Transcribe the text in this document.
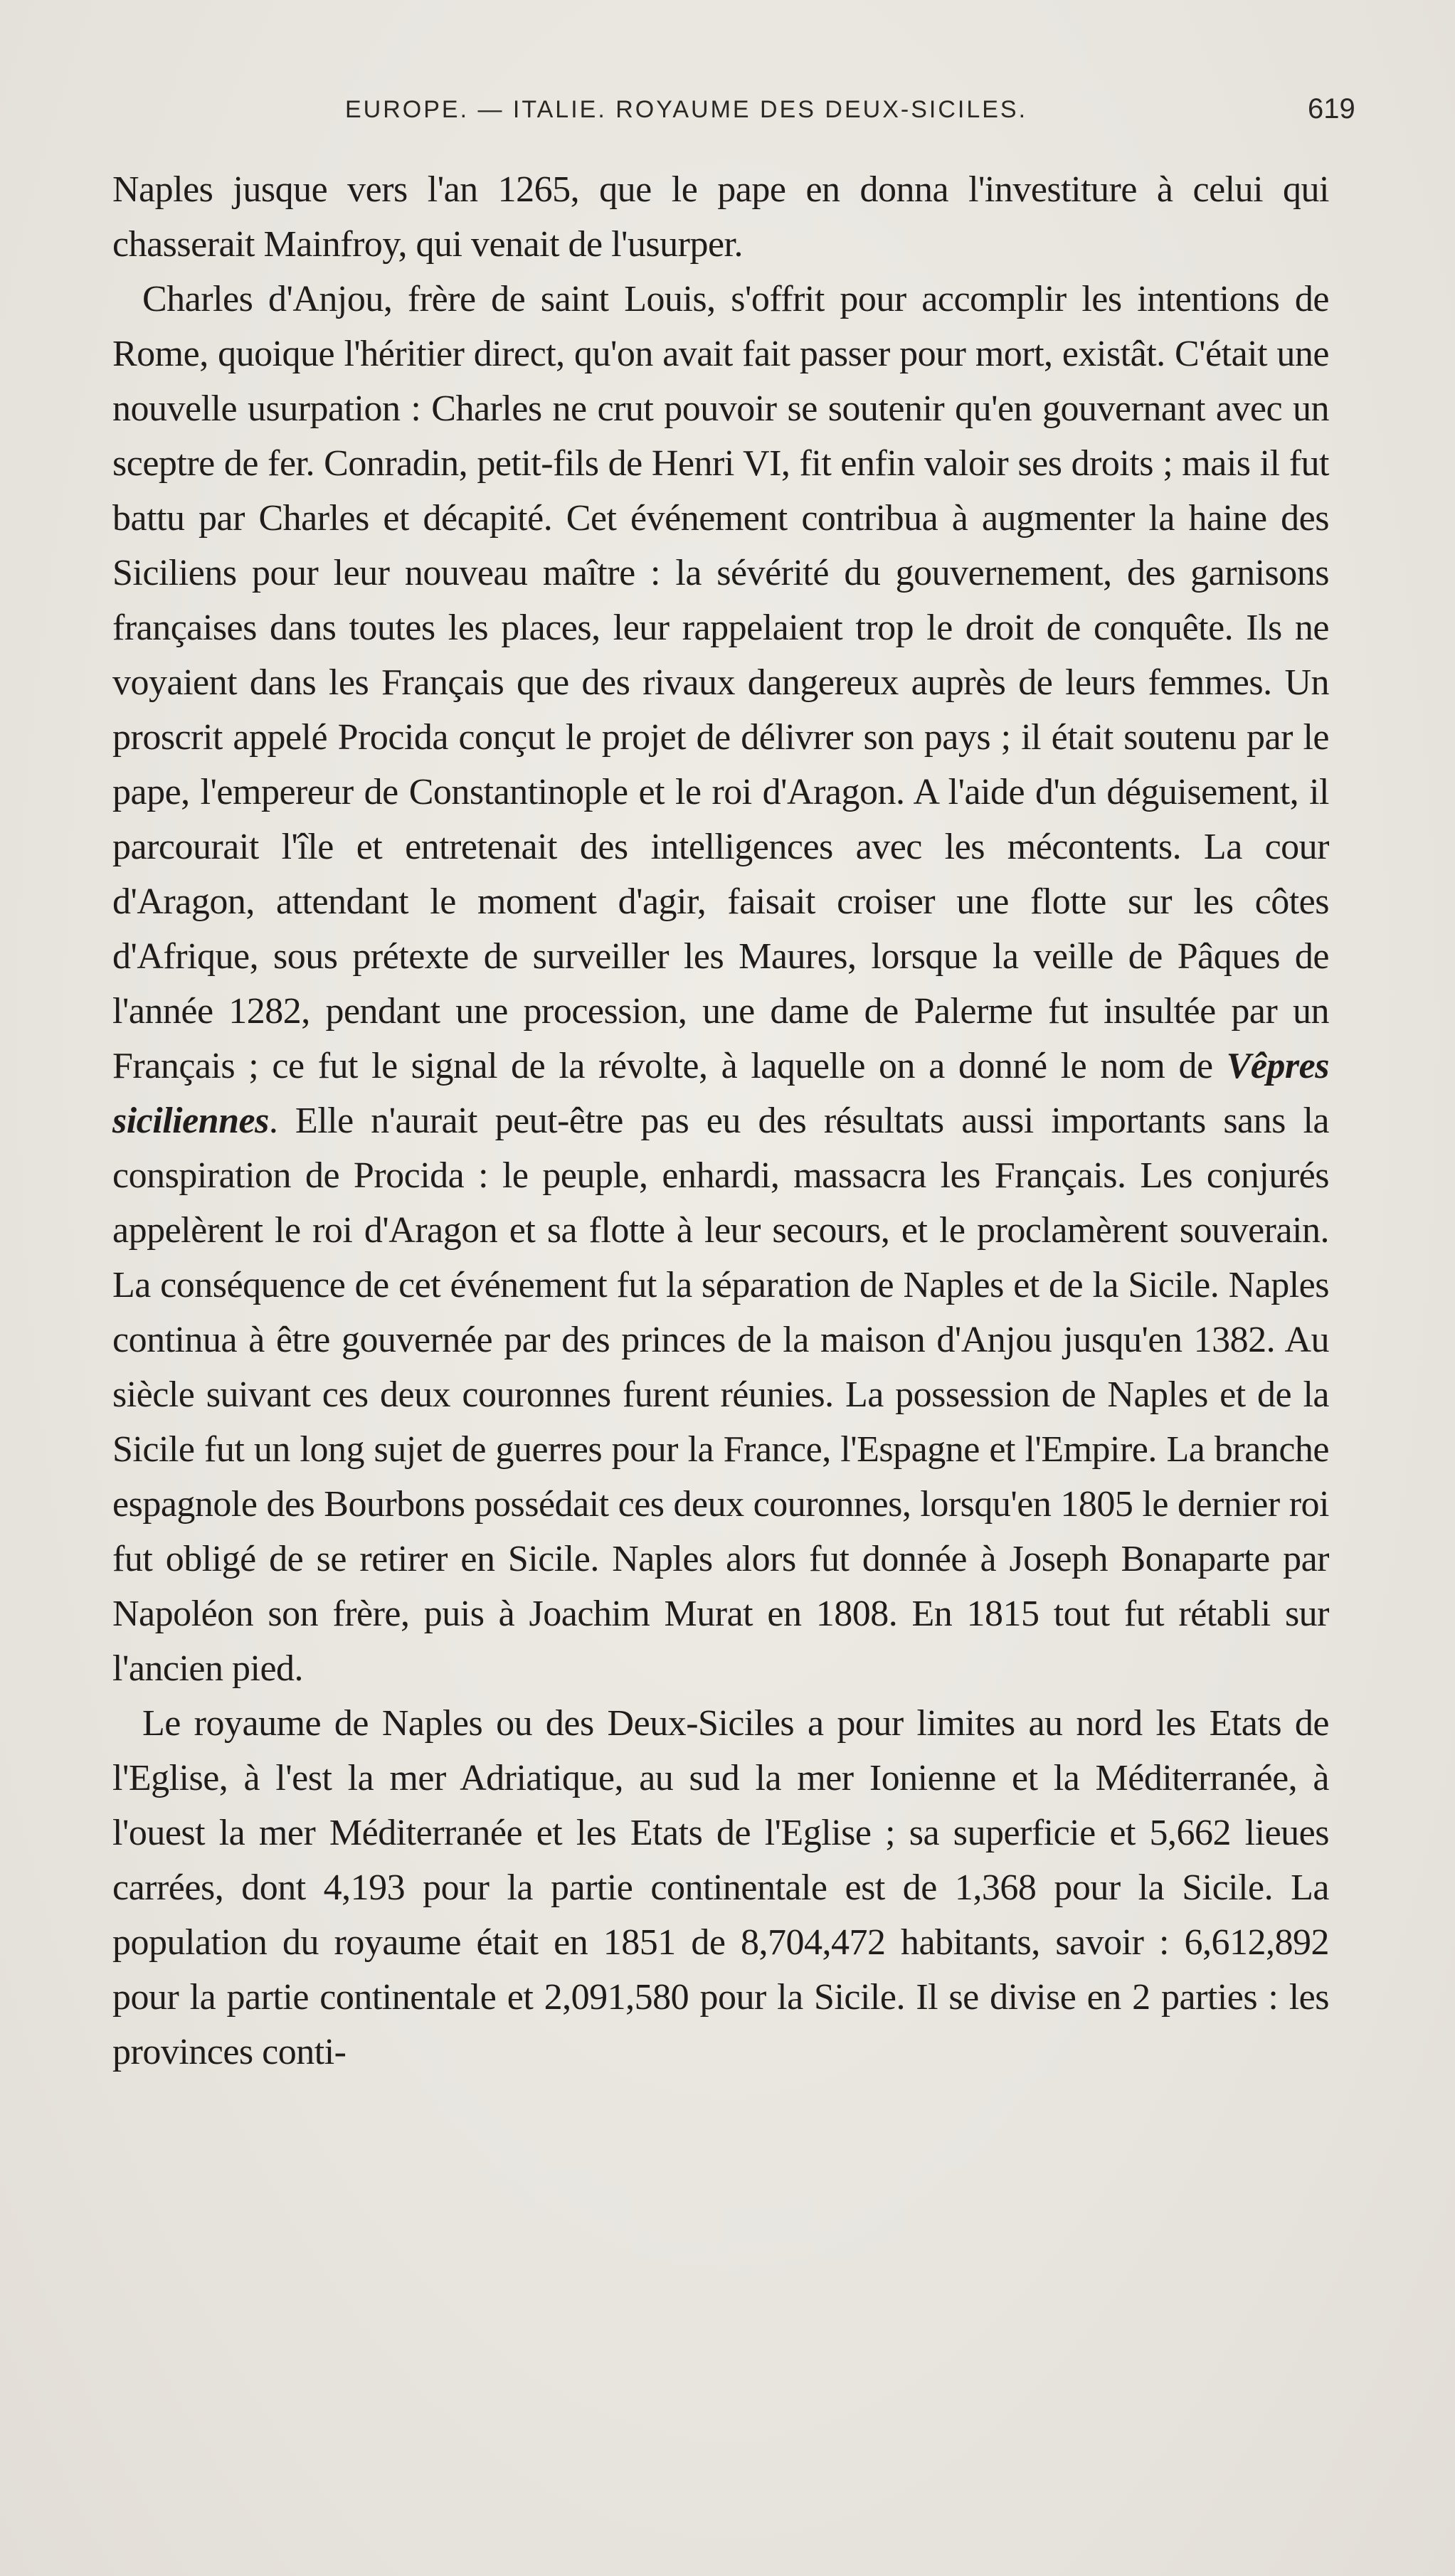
EUROPE. — ITALIE. ROYAUME DES DEUX-SICILES.	619

Naples jusque vers l'an 1265, que le pape en donna l'investiture à celui qui chasserait Mainfroy, qui venait de l'usurper.

Charles d'Anjou, frère de saint Louis, s'offrit pour accomplir les intentions de Rome, quoique l'héritier direct, qu'on avait fait passer pour mort, existât. C'était une nouvelle usurpation : Charles ne crut pouvoir se soutenir qu'en gouvernant avec un sceptre de fer. Conradin, petit-fils de Henri VI, fit enfin valoir ses droits ; mais il fut battu par Charles et décapité. Cet événement contribua à augmenter la haine des Siciliens pour leur nouveau maître : la sévérité du gouvernement, des garnisons françaises dans toutes les places, leur rappelaient trop le droit de conquête. Ils ne voyaient dans les Français que des rivaux dangereux auprès de leurs femmes. Un proscrit appelé Procida conçut le projet de délivrer son pays ; il était soutenu par le pape, l'empereur de Constantinople et le roi d'Aragon. A l'aide d'un déguisement, il parcourait l'île et entretenait des intelligences avec les mécontents. La cour d'Aragon, attendant le moment d'agir, faisait croiser une flotte sur les côtes d'Afrique, sous prétexte de surveiller les Maures, lorsque la veille de Pâques de l'année 1282, pendant une procession, une dame de Palerme fut insultée par un Français ; ce fut le signal de la révolte, à laquelle on a donné le nom de Vêpres siciliennes. Elle n'aurait peut-être pas eu des résultats aussi importants sans la conspiration de Procida : le peuple, enhardi, massacra les Français. Les conjurés appelèrent le roi d'Aragon et sa flotte à leur secours, et le proclamèrent souverain. La conséquence de cet événement fut la séparation de Naples et de la Sicile. Naples continua à être gouvernée par des princes de la maison d'Anjou jusqu'en 1382. Au siècle suivant ces deux couronnes furent réunies. La possession de Naples et de la Sicile fut un long sujet de guerres pour la France, l'Espagne et l'Empire. La branche espagnole des Bourbons possédait ces deux couronnes, lorsqu'en 1805 le dernier roi fut obligé de se retirer en Sicile. Naples alors fut donnée à Joseph Bonaparte par Napoléon son frère, puis à Joachim Murat en 1808. En 1815 tout fut rétabli sur l'ancien pied.

Le royaume de Naples ou des Deux-Siciles a pour limites au nord les Etats de l'Eglise, à l'est la mer Adriatique, au sud la mer Ionienne et la Méditerranée, à l'ouest la mer Méditerranée et les Etats de l'Eglise ; sa superficie et 5,662 lieues carrées, dont 4,193 pour la partie continentale est de 1,368 pour la Sicile. La population du royaume était en 1851 de 8,704,472 habitants, savoir : 6,612,892 pour la partie continentale et 2,091,580 pour la Sicile. Il se divise en 2 parties : les provinces conti-
